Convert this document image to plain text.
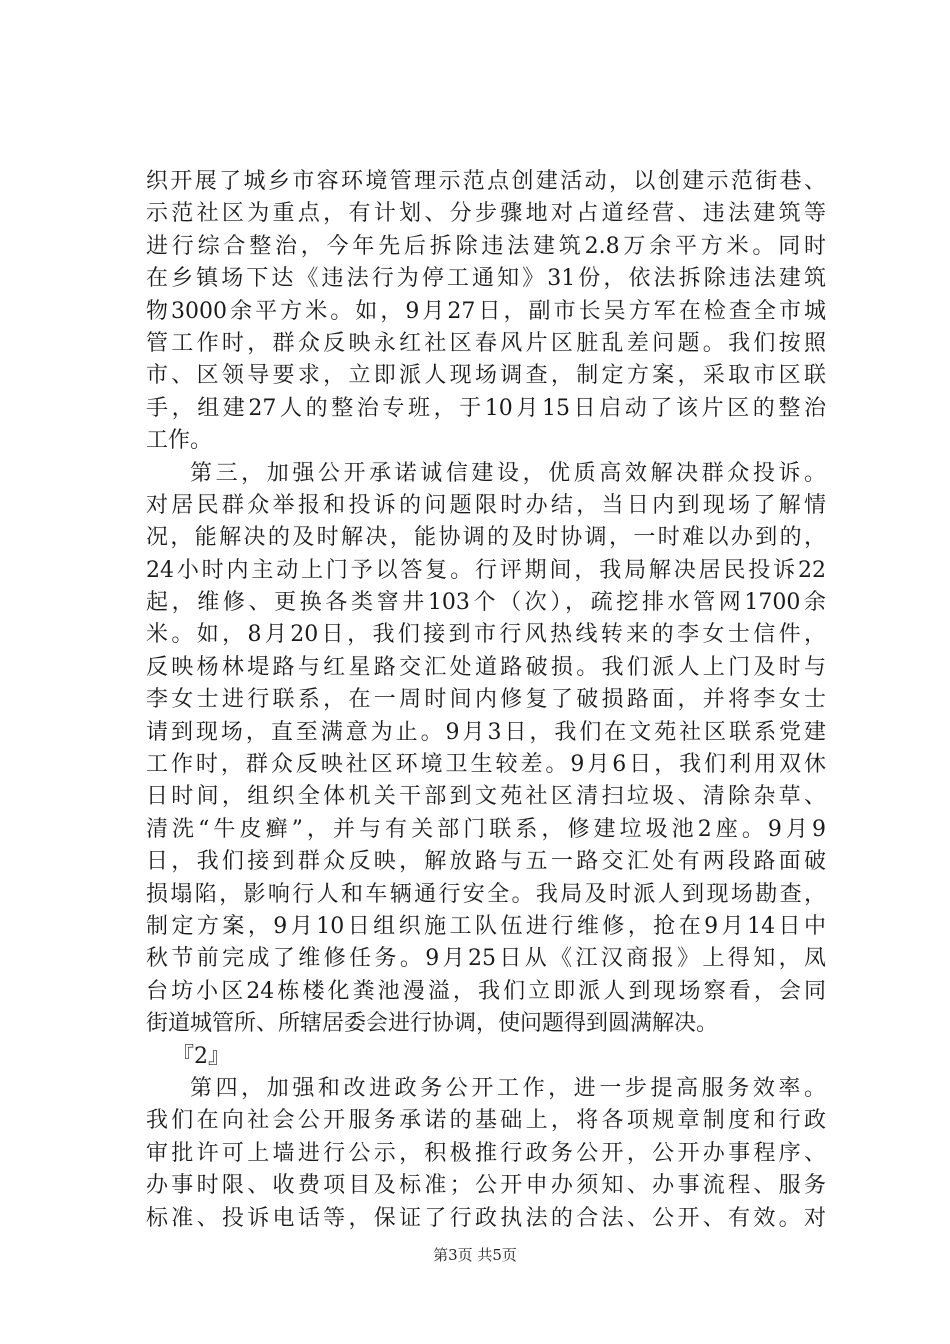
织开展了城乡市容环境管理示范点创建活动，以创建示范街巷、
示范社区为重点，有计划、分步骤地对占道经营、违法建筑等
进行综合整治，今年先后拆除违法建筑2.8万余平方米。同时
在乡镇场下达《违法行为停工通知》31份，依法拆除违法建筑
物3000余平方米。如，9月27日，副市长吴方军在检查全市城
管工作时，群众反映永红社区春风片区脏乱差问题。我们按照
市、区领导要求，立即派人现场调查，制定方案，采取市区联
手，组建27人的整治专班，于10月15日启动了该片区的整治
工作。
第三，加强公开承诺诚信建设，优质高效解决群众投诉。
对居民群众举报和投诉的问题限时办结，当日内到现场了解情
况，能解决的及时解决，能协调的及时协调，一时难以办到的，
24小时内主动上门予以答复。行评期间，我局解决居民投诉22
起，维修、更换各类窨井103个（次），疏挖排水管网1700余
米。如，8月20日，我们接到市行风热线转来的李女士信件，
反映杨林堤路与红星路交汇处道路破损。我们派人上门及时与
李女士进行联系，在一周时间内修复了破损路面，并将李女士
请到现场，直至满意为止。9月3日，我们在文苑社区联系党建
工作时，群众反映社区环境卫生较差。9月6日，我们利用双休
日时间，组织全体机关干部到文苑社区清扫垃圾、清除杂草、
清洗“牛皮癣”，并与有关部门联系，修建垃圾池2座。9月9
日，我们接到群众反映，解放路与五一路交汇处有两段路面破
损塌陷，影响行人和车辆通行安全。我局及时派人到现场勘查，
制定方案，9月10日组织施工队伍进行维修，抢在9月14日中
秋节前完成了维修任务。9月25日从《江汉商报》上得知，凤
台坊小区24栋楼化粪池漫溢，我们立即派人到现场察看，会同
街道城管所、所辖居委会进行协调，使问题得到圆满解决。
『2』
第四，加强和改进政务公开工作，进一步提高服务效率。
我们在向社会公开服务承诺的基础上，将各项规章制度和行政
审批许可上墙进行公示，积极推行政务公开，公开办事程序、
办事时限、收费项目及标准；公开申办须知、办事流程、服务
标准、投诉电话等，保证了行政执法的合法、公开、有效。对
第3页 共5页
